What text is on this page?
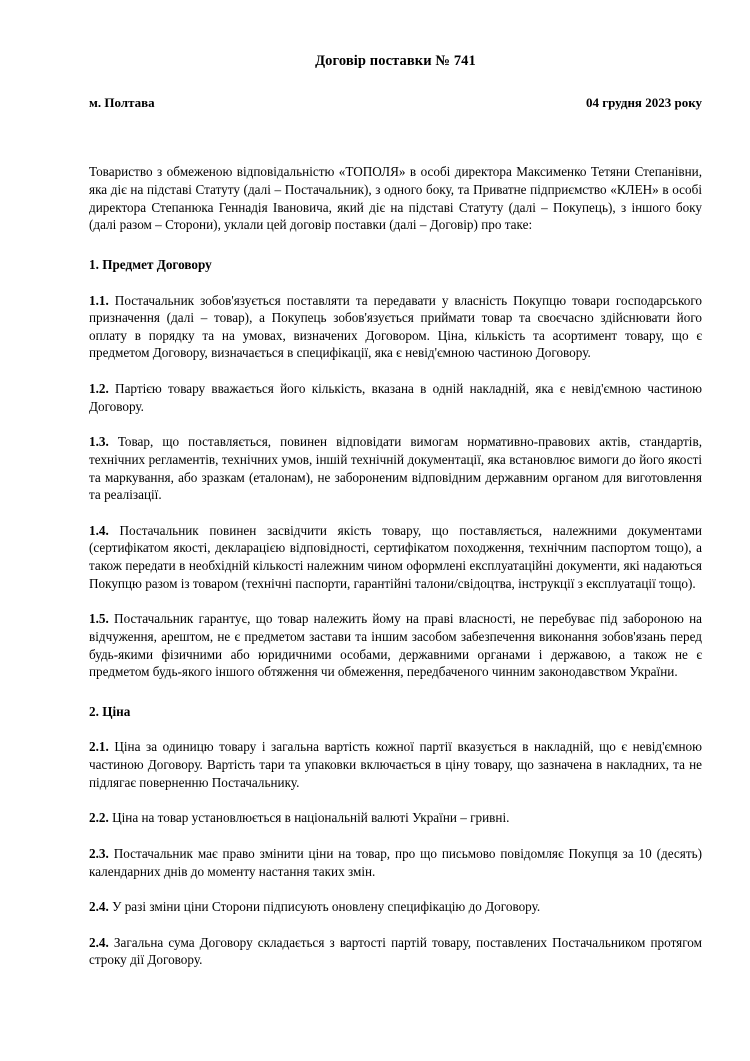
Договір поставки № 741
м. Полтава	04 грудня 2023 року

Товариство з обмеженою відповідальністю «ТОПОЛЯ» в особі директора Максименко Тетяни Степанівни, яка діє на підставі Статуту (далі – Постачальник), з одного боку, та Приватне підприємство «КЛЕН» в особі директора Степанюка Геннадія Івановича, який діє на підставі Статуту (далі – Покупець), з іншого боку (далі разом – Сторони), уклали цей договір поставки (далі – Договір) про таке:

1. Предмет Договору

1.1. Постачальник зобов'язується поставляти та передавати у власність Покупцю товари господарського призначення (далі – товар), а Покупець зобов'язується приймати товар та своєчасно здійснювати його оплату в порядку та на умовах, визначених Договором. Ціна, кількість та асортимент товару, що є предметом Договору, визначається в специфікації, яка є невід'ємною частиною Договору.

1.2. Партією товару вважається його кількість, вказана в одній накладній, яка є невід'ємною частиною Договору.

1.3. Товар, що поставляється, повинен відповідати вимогам нормативно-правових актів, стандартів, технічних регламентів, технічних умов, іншій технічній документації, яка встановлює вимоги до його якості та маркування, або зразкам (еталонам), не забороненим відповідним державним органом для виготовлення та реалізації.

1.4. Постачальник повинен засвідчити якість товару, що поставляється, належними документами (сертифікатом якості, декларацією відповідності, сертифікатом походження, технічним паспортом тощо), а також передати в необхідній кількості належним чином оформлені експлуатаційні документи, які надаються Покупцю разом із товаром (технічні паспорти, гарантійні талони/свідоцтва, інструкції з експлуатації тощо).

1.5. Постачальник гарантує, що товар належить йому на праві власності, не перебуває під забороною на відчуження, арештом, не є предметом застави та іншим засобом забезпечення виконання зобов'язань перед будь-якими фізичними або юридичними особами, державними органами і державою, а також не є предметом будь-якого іншого обтяження чи обмеження, передбаченого чинним законодавством України.

2. Ціна

2.1. Ціна за одиницю товару і загальна вартість кожної партії вказується в накладній, що є невід'ємною частиною Договору. Вартість тари та упаковки включається в ціну товару, що зазначена в накладних, та не підлягає поверненню Постачальнику.

2.2. Ціна на товар установлюється в національній валюті України – гривні.

2.3. Постачальник має право змінити ціни на товар, про що письмово повідомляє Покупця за 10 (десять) календарних днів до моменту настання таких змін.

2.4. У разі зміни ціни Сторони підписують оновлену специфікацію до Договору.

2.4. Загальна сума Договору складається з вартості партій товару, поставлених Постачальником протягом строку дії Договору.
